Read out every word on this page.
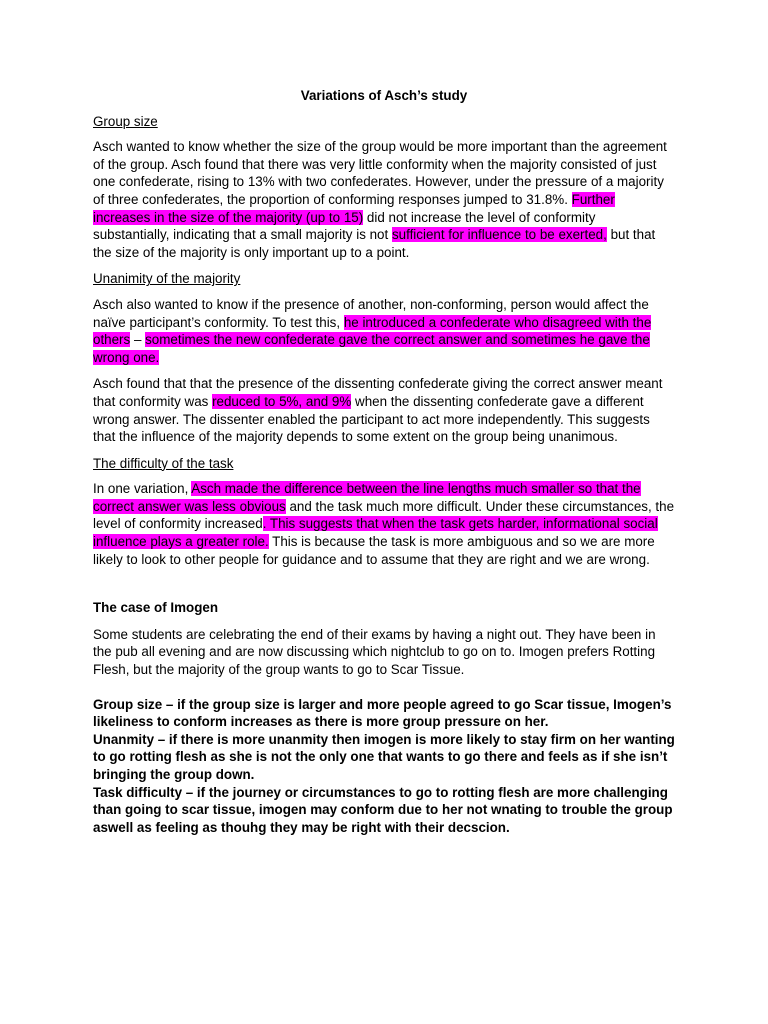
Variations of Asch’s study
Group size

Asch wanted to know whether the size of the group would be more important than the agreement of the group. Asch found that there was very little conformity when the majority consisted of just one confederate, rising to 13% with two confederates. However, under the pressure of a majority of three confederates, the proportion of conforming responses jumped to 31.8%. Further increases in the size of the majority (up to 15) did not increase the level of conformity substantially, indicating that a small majority is not sufficient for influence to be exerted, but that the size of the majority is only important up to a point.

Unanimity of the majority

Asch also wanted to know if the presence of another, non-conforming, person would affect the naïve participant’s conformity. To test this, he introduced a confederate who disagreed with the others – sometimes the new confederate gave the correct answer and sometimes he gave the wrong one.

Asch found that that the presence of the dissenting confederate giving the correct answer meant that conformity was reduced to 5%, and 9% when the dissenting confederate gave a different wrong answer. The dissenter enabled the participant to act more independently. This suggests that the influence of the majority depends to some extent on the group being unanimous.

The difficulty of the task

In one variation, Asch made the difference between the line lengths much smaller so that the correct answer was less obvious and the task much more difficult. Under these circumstances, the level of conformity increased. This suggests that when the task gets harder, informational social influence plays a greater role. This is because the task is more ambiguous and so we are more likely to look to other people for guidance and to assume that they are right and we are wrong.

The case of Imogen

Some students are celebrating the end of their exams by having a night out. They have been in the pub all evening and are now discussing which nightclub to go on to. Imogen prefers Rotting Flesh, but the majority of the group wants to go to Scar Tissue.

Group size – if the group size is larger and more people agreed to go Scar tissue, Imogen’s likeliness to conform increases as there is more group pressure on her.
Unanmity – if there is more unanmity then imogen is more likely to stay firm on her wanting to go rotting flesh as she is not the only one that wants to go there and feels as if she isn’t bringing the group down.
Task difficulty – if the journey or circumstances to go to rotting flesh are more challenging than going to scar tissue, imogen may conform due to her not wnating to trouble the group aswell as feeling as thouhg they may be right with their decscion.
